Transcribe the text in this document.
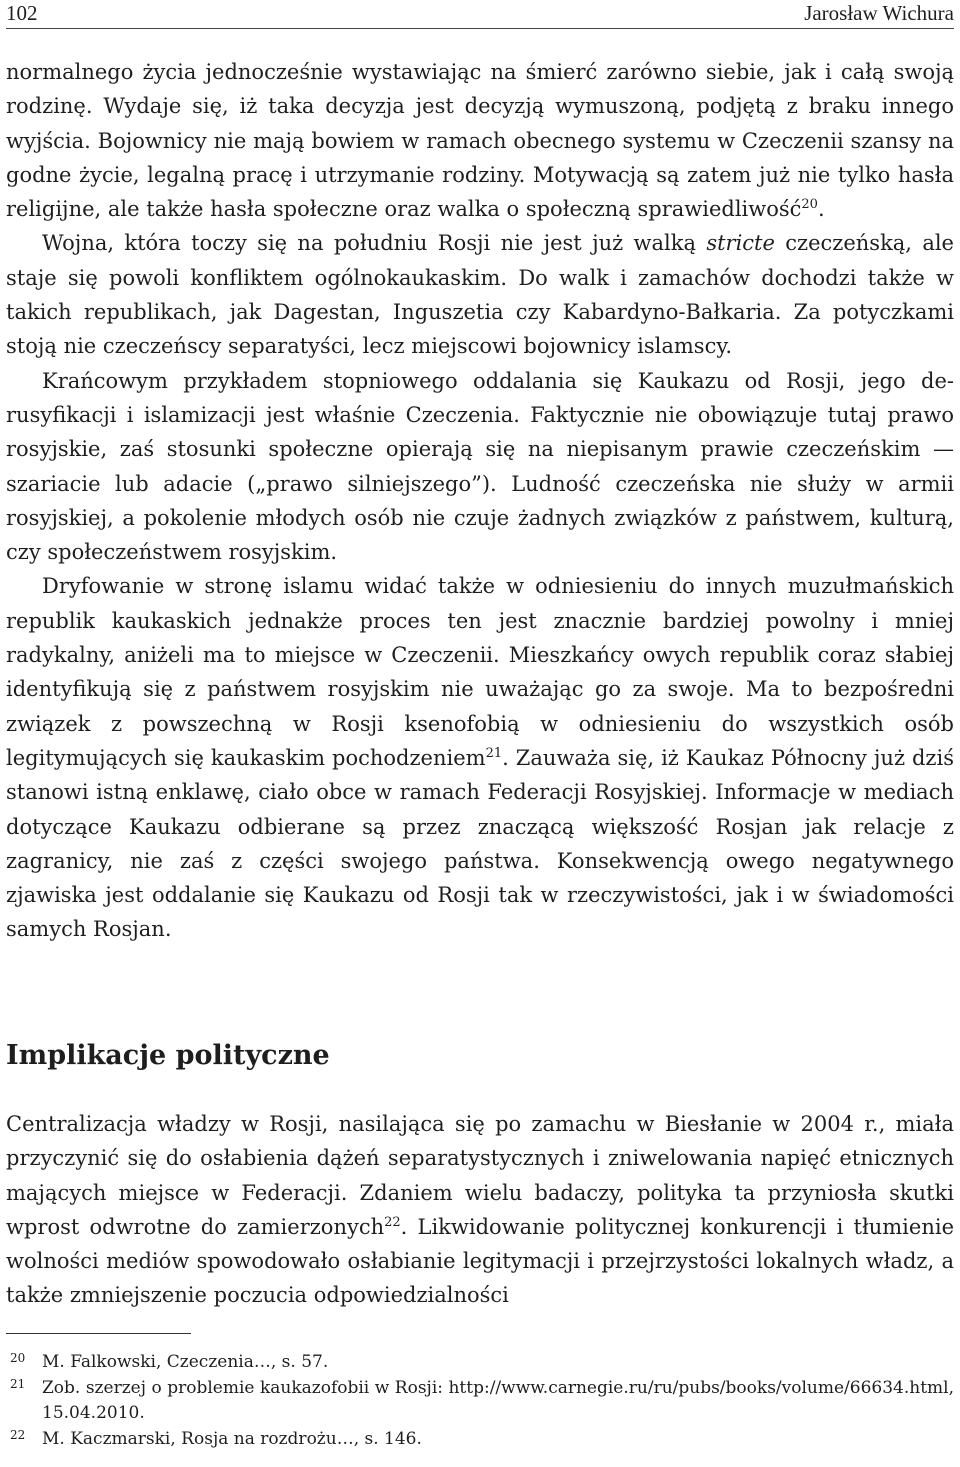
102	Jarosław Wichura

normalnego życia jednocześnie wystawiając na śmierć zarówno siebie, jak i całą swoją rodzinę. Wydaje się, iż taka decyzja jest decyzją wymuszoną, podjętą z braku innego wyjścia. Bojownicy nie mają bowiem w ramach obecnego systemu w Czeczenii szansy na godne życie, legalną pracę i utrzymanie rodziny. Motywacją są zatem już nie tylko hasła religijne, ale także hasła społeczne oraz walka o społeczną sprawiedliwość$^{20}$.

Wojna, która toczy się na południu Rosji nie jest już walką stricte czeczeńską, ale staje się powoli konfliktem ogólnokaukaskim. Do walk i zamachów dochodzi także w takich republikach, jak Dagestan, Inguszetia czy Kabardyno-Bałkaria. Za potyczkami stoją nie czeczeńscy separatyści, lecz miejscowi bojownicy islamscy.

Krańcowym przykładem stopniowego oddalania się Kaukazu od Rosji, jego derusyfikacji i islamizacji jest właśnie Czeczenia. Faktycznie nie obowiązuje tutaj prawo rosyjskie, zaś stosunki społeczne opierają się na niepisanym prawie czeczeńskim — szariacie lub adacie („prawo silniejszego”). Ludność czeczeńska nie służy w armii rosyjskiej, a pokolenie młodych osób nie czuje żadnych związków z państwem, kulturą, czy społeczeństwem rosyjskim.

Dryfowanie w stronę islamu widać także w odniesieniu do innych muzułmańskich republik kaukaskich jednakże proces ten jest znacznie bardziej powolny i mniej radykalny, aniżeli ma to miejsce w Czeczenii. Mieszkańcy owych republik coraz słabiej identyfikują się z państwem rosyjskim nie uważając go za swoje. Ma to bezpośredni związek z powszechną w Rosji ksenofobią w odniesieniu do wszystkich osób legitymujących się kaukaskim pochodzeniem$^{21}$. Zauważa się, iż Kaukaz Północny już dziś stanowi istną enklawę, ciało obce w ramach Federacji Rosyjskiej. Informacje w mediach dotyczące Kaukazu odbierane są przez znaczącą większość Rosjan jak relacje z zagranicy, nie zaś z części swojego państwa. Konsekwencją owego negatywnego zjawiska jest oddalanie się Kaukazu od Rosji tak w rzeczywistości, jak i w świadomości samych Rosjan.

Implikacje polityczne

Centralizacja władzy w Rosji, nasilająca się po zamachu w Biesłanie w 2004 r., miała przyczynić się do osłabienia dążeń separatystycznych i zniwelowania napięć etnicznych mających miejsce w Federacji. Zdaniem wielu badaczy, polityka ta przyniosła skutki wprost odwrotne do zamierzonych$^{22}$. Likwidowanie politycznej konkurencji i tłumienie wolności mediów spowodowało osłabianie legitymacji i przejrzystości lokalnych władz, a także zmniejszenie poczucia odpowiedzialności

20 M. Falkowski, Czeczenia…, s. 57.
21 Zob. szerzej o problemie kaukazofobii w Rosji: http://www.carnegie.ru/ru/pubs/books/volume/66634.html, 15.04.2010.
22 M. Kaczmarski, Rosja na rozdrożu…, s. 146.
